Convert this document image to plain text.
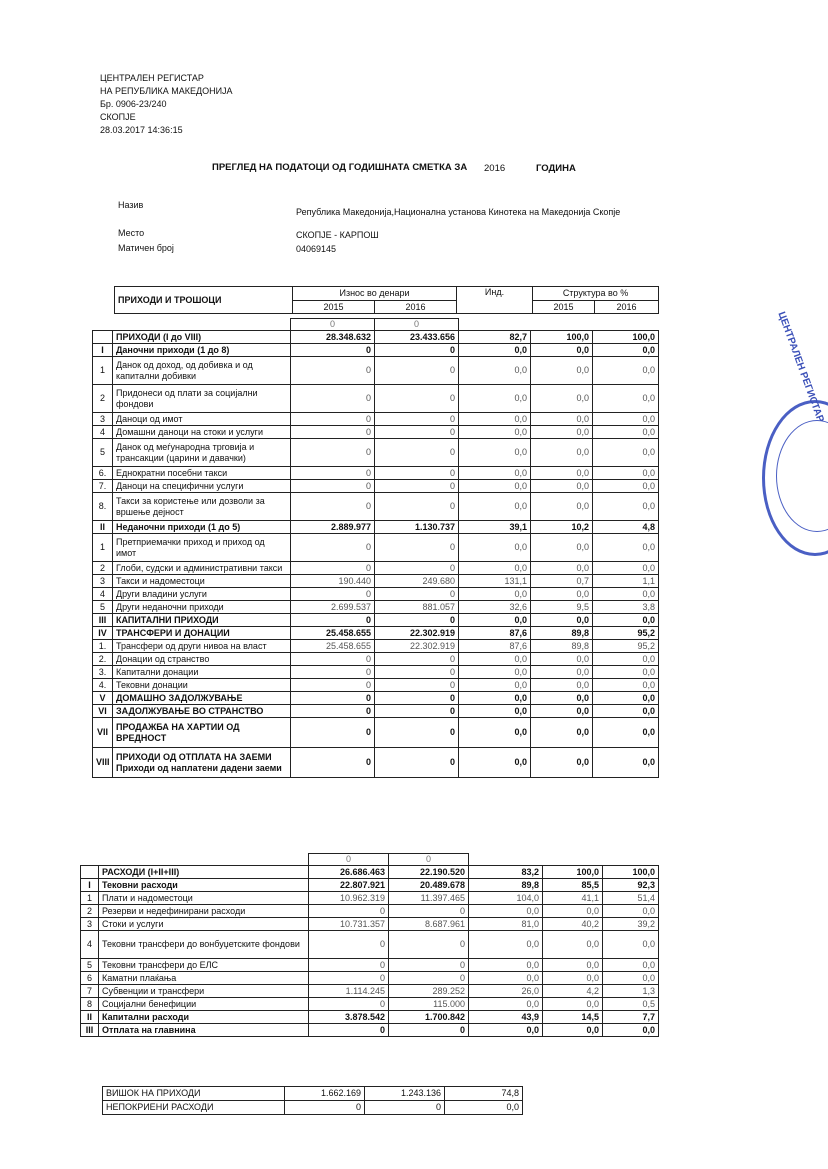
ЦЕНТРАЛЕН РЕГИСТАР
ЦЕНТРАЛЕН РЕГИСТАР
НА РЕПУБЛИКА МАКЕДОНИЈА
Бр. 0906-23/240
СКОПЈЕ
28.03.2017 14:36:15
ПРЕГЛЕД НА ПОДАТОЦИ ОД ГОДИШНАТА СМЕТКА ЗА 2016	ГОДИНА
Назив
Република Македонија,Национална установа Кинотека на Македонија Скопје
Место	СКОПЈЕ - КАРПОШ
Матичен број	04069145
ПРИХОДИ И ТРОШОЦИ	Износ во денари		Инд.	Структура во %	
	2015	2016		2015	2016
		0	0			
	ПРИХОДИ (I до VIII)	28.348.632	23.433.656	82,7	100,0	100,0
I	Даночни приходи (1 до 8)	0	0	0,0	0,0	0,0
1	Данок од доход, од добивка и од капитални добивки	0	0	0,0	0,0	0,0
2	Придонеси од плати за социјални фондови	0	0	0,0	0,0	0,0
3	Даноци од имот	0	0	0,0	0,0	0,0
4	Домашни даноци на стоки и услуги	0	0	0,0	0,0	0,0
5	Данок од меѓународна трговија и трансакции (царини и давачки)	0	0	0,0	0,0	0,0
6.	Еднократни посебни такси	0	0	0,0	0,0	0,0
7.	Даноци на специфични услуги	0	0	0,0	0,0	0,0
8.	Такси за користење или дозволи за вршење дејност	0	0	0,0	0,0	0,0
II	Неданочни приходи (1 до 5)	2.889.977	1.130.737	39,1	10,2	4,8
1	Претприемачки приход и приход од имот	0	0	0,0	0,0	0,0
2	Глоби, судски и административни такси	0	0	0,0	0,0	0,0
3	Такси и надоместоци	190.440	249.680	131,1	0,7	1,1
4	Други владини услуги	0	0	0,0	0,0	0,0
5	Други неданочни приходи	2.699.537	881.057	32,6	9,5	3,8
III	КАПИТАЛНИ ПРИХОДИ	0	0	0,0	0,0	0,0
IV	ТРАНСФЕРИ И ДОНАЦИИ	25.458.655	22.302.919	87,6	89,8	95,2
1.	Трансфери од други нивоа на власт	25.458.655	22.302.919	87,6	89,8	95,2
2.	Донации од странство	0	0	0,0	0,0	0,0
3.	Капитални донации	0	0	0,0	0,0	0,0
4.	Тековни донации	0	0	0,0	0,0	0,0
V	ДОМАШНО ЗАДОЛЖУВАЊЕ	0	0	0,0	0,0	0,0
VI	ЗАДОЛЖУВАЊЕ ВО СТРАНСТВО	0	0	0,0	0,0	0,0
VII	ПРОДАЖБА НА ХАРТИИ ОД ВРЕДНОСТ	0	0	0,0	0,0	0,0
VIII	ПРИХОДИ ОД ОТПЛАТА НА ЗАЕМИ Приходи од наплатени дадени заеми	0	0	0,0	0,0	0,0
		0	0			
	РАСХОДИ (I+II+III)	26.686.463	22.190.520	83,2	100,0	100,0
I	Тековни расходи	22.807.921	20.489.678	89,8	85,5	92,3
1	Плати и надоместоци	10.962.319	11.397.465	104,0	41,1	51,4
2	Резерви и недефинирани расходи	0	0	0,0	0,0	0,0
3	Стоки и услуги	10.731.357	8.687.961	81,0	40,2	39,2
4	Тековни трансфери до вонбуџетските фондови	0	0	0,0	0,0	0,0
5	Тековни трансфери до ЕЛС	0	0	0,0	0,0	0,0
6	Каматни плаќања	0	0	0,0	0,0	0,0
7	Субвенции и трансфери	1.114.245	289.252	26,0	4,2	1,3
8	Социјални бенефиции	0	115.000	0,0	0,0	0,5
II	Капитални расходи	3.878.542	1.700.842	43,9	14,5	7,7
III	Отплата на главнина	0	0	0,0	0,0	0,0
ВИШОК НА ПРИХОДИ	1.662.169	1.243.136	74,8
НЕПОКРИЕНИ РАСХОДИ	0	0	0,0
